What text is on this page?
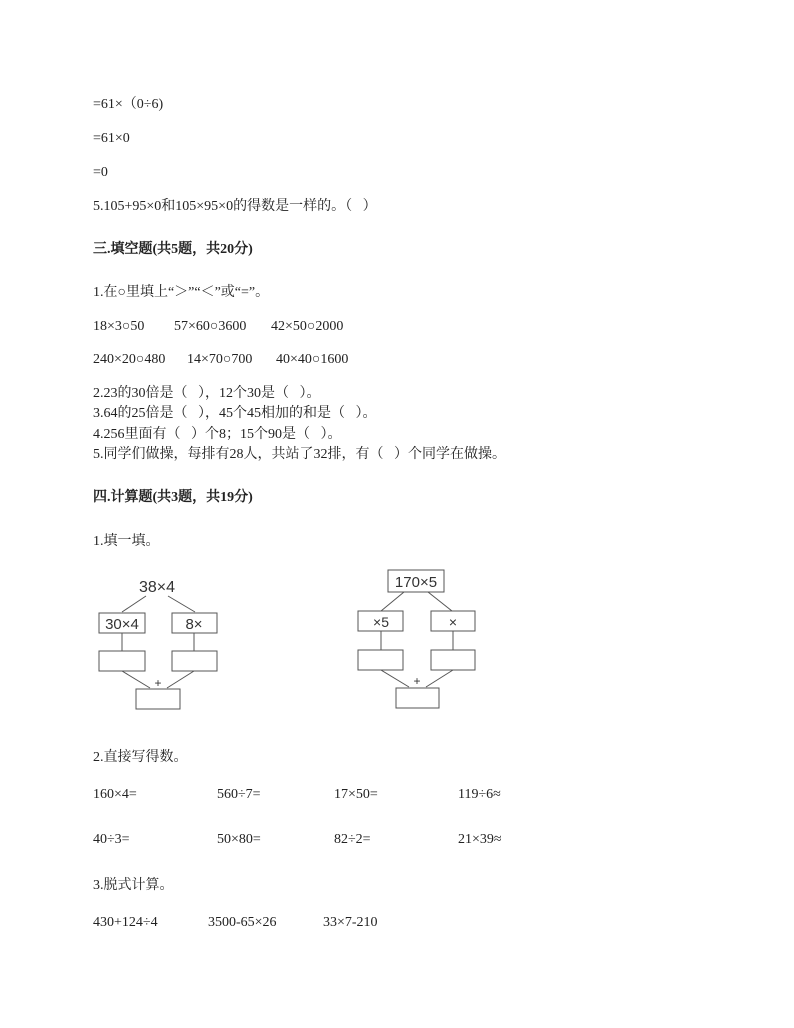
=61×（0÷6)
=61×0
=0
5.105+95×0和105×95×0的得数是一样的。（   ）
三.填空题(共5题，共20分)
1.在○里填上“＞”“＜”或“=”。
18×3○50 57×60○3600 42×50○2000
240×20○480 14×70○700 40×40○1600
2.23的30倍是（   ），12个30是（   ）。
3.64的25倍是（   ），45个45相加的和是（   ）。
4.256里面有（   ）个8；15个90是（   ）。
5.同学们做操，每排有28人，共站了32排，有（   ）个同学在做操。
四.计算题(共3题，共19分)
1.填一填。
38×4
30×4	8×
+
170×5
×5	×
+
2.直接写得数。
160×4=	560÷7=	17×50=	119÷6≈
40÷3=	50×80=	82÷2=	21×39≈
3.脱式计算。
430+124÷4	3500-65×26	33×7-210
